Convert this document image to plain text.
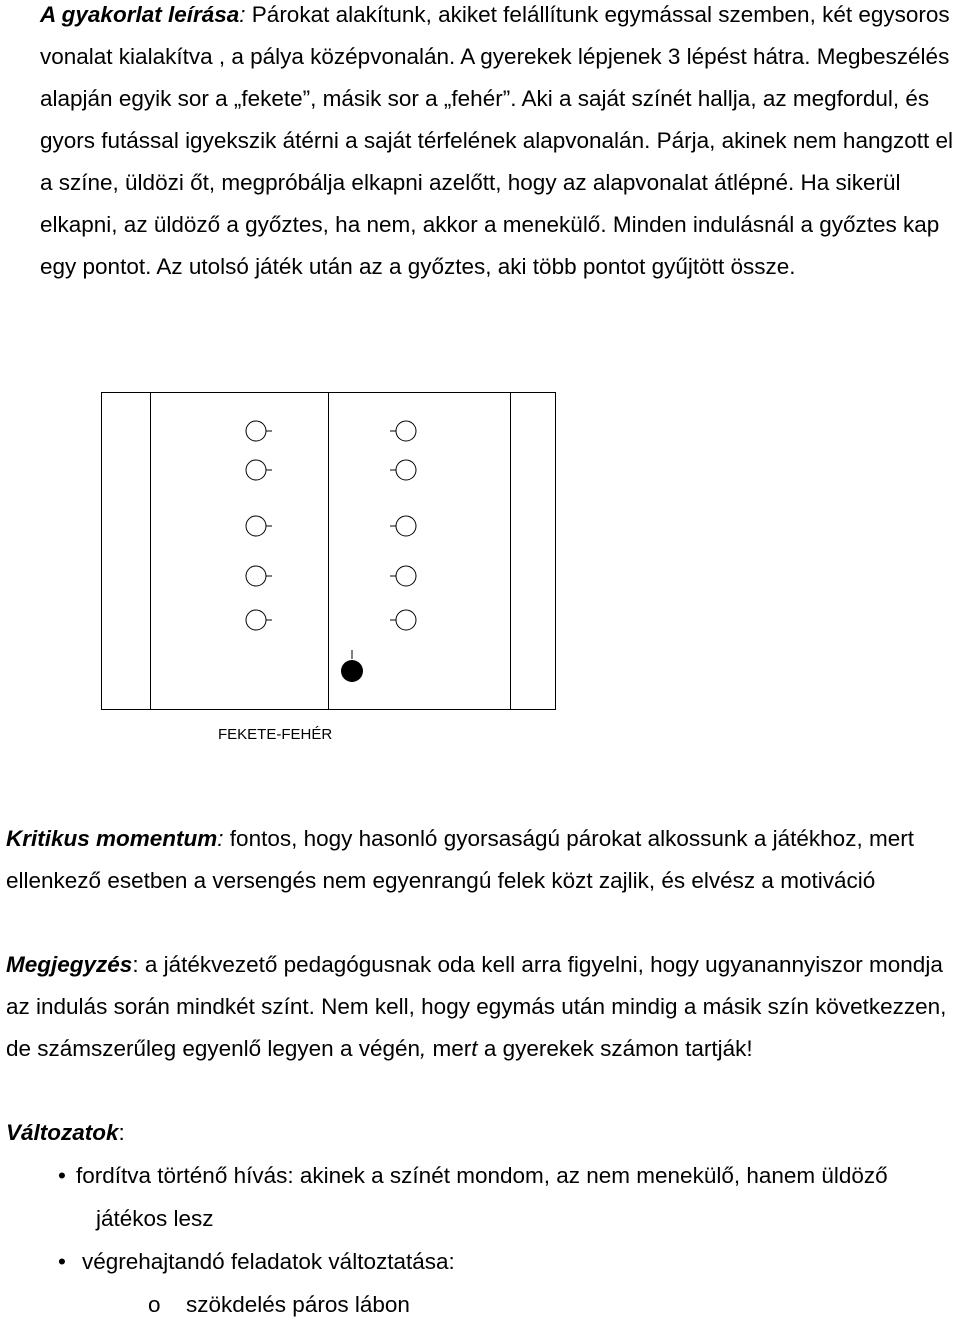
A gyakorlat leírása: Párokat alakítunk, akiket felállítunk egymással szemben, két egysoros vonalat kialakítva , a pálya középvonalán. A gyerekek lépjenek 3 lépést hátra. Megbeszélés alapján egyik sor a „fekete”, másik sor a „fehér”. Aki a saját színét hallja, az megfordul, és gyors futással igyekszik átérni a saját térfelének alapvonalán. Párja, akinek nem hangzott el a színe, üldözi őt, megpróbálja elkapni azelőtt, hogy az alapvonalat átlépné. Ha sikerül elkapni, az üldöző a győztes, ha nem, akkor a menekülő. Minden indulásnál a győztes kap egy pontot. Az utolsó játék után az a győztes, aki több pontot gyűjtött össze.

FEKETE-FEHÉR

Kritikus momentum: fontos, hogy hasonló gyorsaságú párokat alkossunk a játékhoz, mert ellenkező esetben a versengés nem egyenrangú felek közt zajlik, és elvész a motiváció

Megjegyzés: a játékvezető pedagógusnak oda kell arra figyelni, hogy ugyanannyiszor mondja az indulás során mindkét színt. Nem kell, hogy egymás után mindig a másik szín következzen, de számszerűleg egyenlő legyen a végén, mert a gyerekek számon tartják!

Változatok:

• fordítva történő hívás: akinek a színét mondom, az nem menekülő, hanem üldöző

játékos lesz

• végrehajtandó feladatok változtatása:

o szökdelés páros lábon
